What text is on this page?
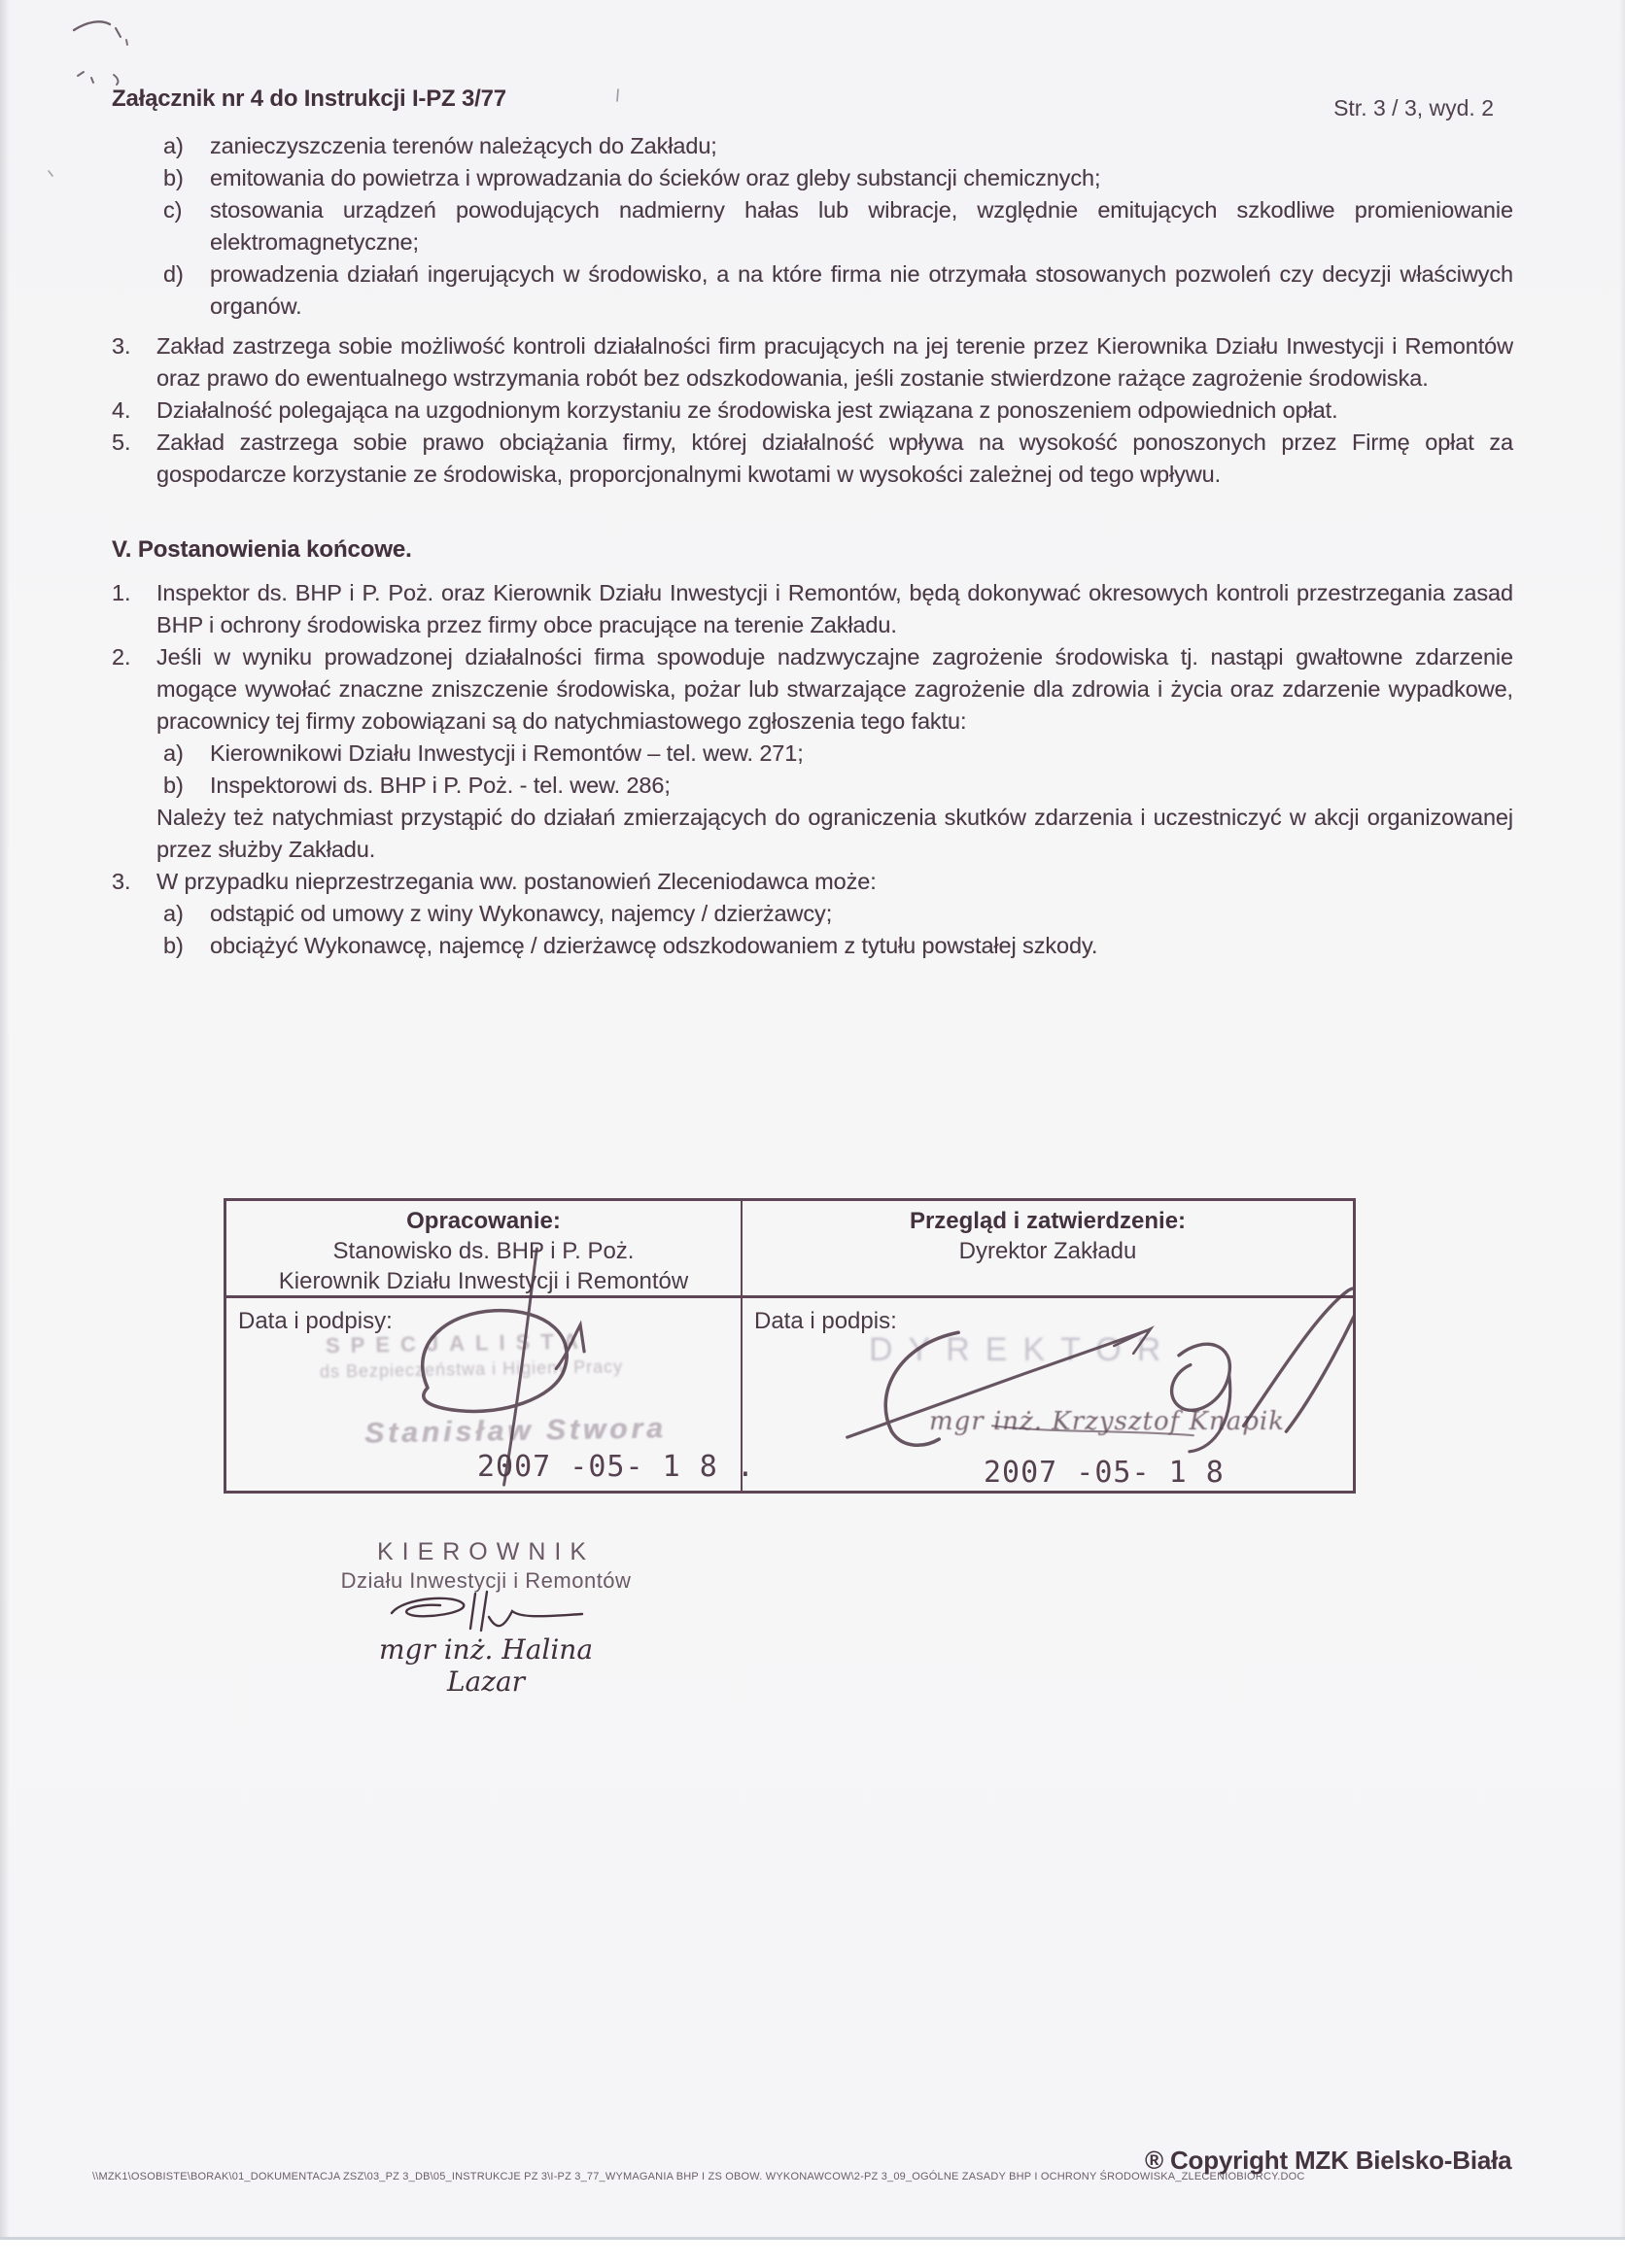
Załącznik nr 4 do Instrukcji I-PZ 3/77	Str. 3 / 3, wyd. 2
a) zanieczyszczenia terenów należących do Zakładu;
b) emitowania do powietrza i wprowadzania do ścieków oraz gleby substancji chemicznych;
c) stosowania urządzeń powodujących nadmierny hałas lub wibracje, względnie emitujących szkodliwe promieniowanie elektromagnetyczne;
d) prowadzenia działań ingerujących w środowisko, a na które firma nie otrzymała stosowanych pozwoleń czy decyzji właściwych organów.
3. Zakład zastrzega sobie możliwość kontroli działalności firm pracujących na jej terenie przez Kierownika Działu Inwestycji i Remontów oraz prawo do ewentualnego wstrzymania robót bez odszkodowania, jeśli zostanie stwierdzone rażące zagrożenie środowiska.
4. Działalność polegająca na uzgodnionym korzystaniu ze środowiska jest związana z ponoszeniem odpowiednich opłat.
5. Zakład zastrzega sobie prawo obciążania firmy, której działalność wpływa na wysokość ponoszonych przez Firmę opłat za gospodarcze korzystanie ze środowiska, proporcjonalnymi kwotami w wysokości zależnej od tego wpływu.
V. Postanowienia końcowe.
1. Inspektor ds. BHP i P. Poż. oraz Kierownik Działu Inwestycji i Remontów, będą dokonywać okresowych kontroli przestrzegania zasad BHP i ochrony środowiska przez firmy obce pracujące na terenie Zakładu.
2. Jeśli w wyniku prowadzonej działalności firma spowoduje nadzwyczajne zagrożenie środowiska tj. nastąpi gwałtowne zdarzenie mogące wywołać znaczne zniszczenie środowiska, pożar lub stwarzające zagrożenie dla zdrowia i życia oraz zdarzenie wypadkowe, pracownicy tej firmy zobowiązani są do natychmiastowego zgłoszenia tego faktu:
a) Kierownikowi Działu Inwestycji i Remontów – tel. wew. 271;
b) Inspektorowi ds. BHP i P. Poż. - tel. wew. 286;
Należy też natychmiast przystąpić do działań zmierzających do ograniczenia skutków zdarzenia i uczestniczyć w akcji organizowanej przez służby Zakładu.
3. W przypadku nieprzestrzegania ww. postanowień Zleceniodawca może:
a) odstąpić od umowy z winy Wykonawcy, najemcy / dzierżawcy;
b) obciążyć Wykonawcę, najemcę / dzierżawcę odszkodowaniem z tytułu powstałej szkody.
Opracowanie:
Stanowisko ds. BHP i P. Poż.
Kierownik Działu Inwestycji i Remontów
Przegląd i zatwierdzenie:
Dyrektor Zakładu
Data i podpisy:
SPECJALISTA
ds Bezpieczeństwa i Higieny Pracy
Stanisław Stwora
2007 -05- 1 8 .
Data i podpis:
DYREKTOR
mgr inż. Krzysztof Knapik
2007 -05- 1 8
KIEROWNIK
Działu Inwestycji i Remontów
mgr inż. Halina Lazar
\\MZK1\OSOBISTE\BORAK\01_DOKUMENTACJA ZSZ\03_PZ 3_DB\05_INSTRUKCJE PZ 3\I-PZ 3_77_WYMAGANIA BHP I ZS OBOW. WYKONAWCOW\2-PZ 3_09_OGÓLNE ZASADY BHP I OCHRONY ŚRODOWISKA_ZLECENIOBIORCY.DOC
® Copyright MZK Bielsko-Biała
